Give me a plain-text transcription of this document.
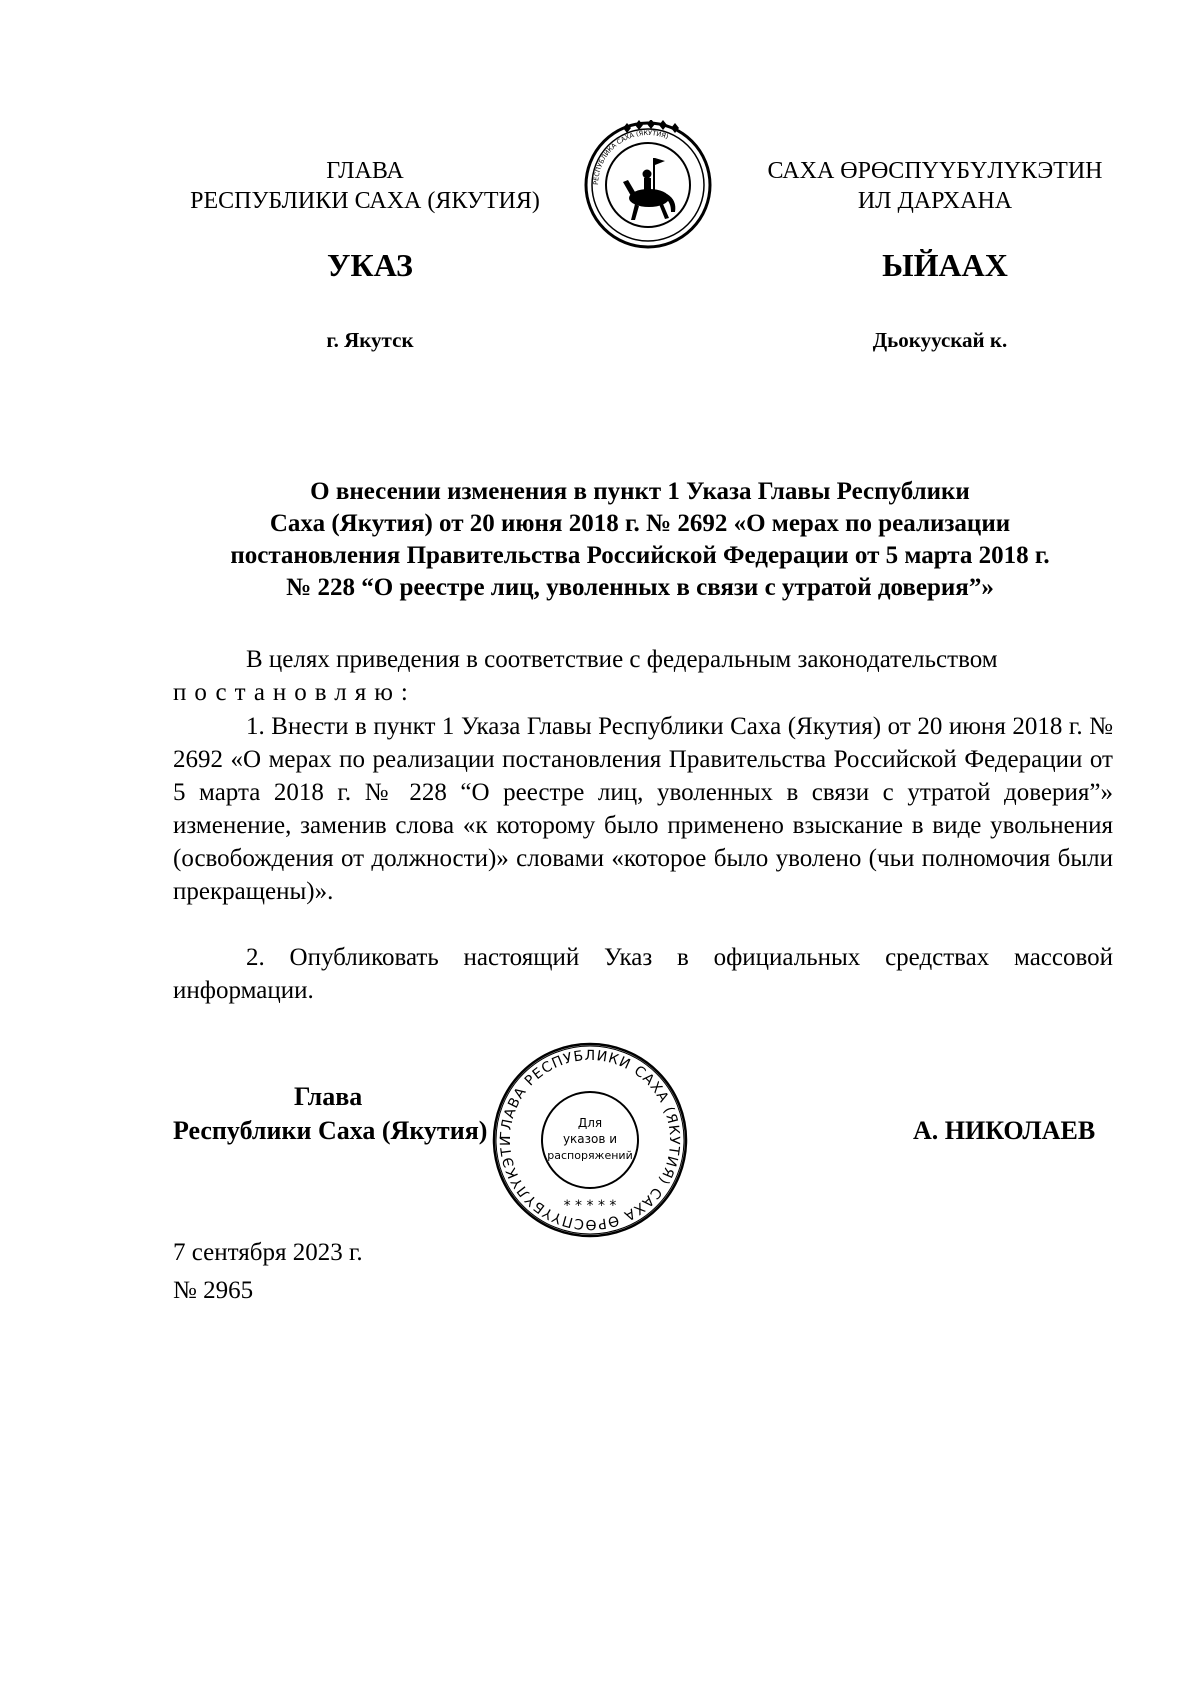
ГЛАВА
РЕСПУБЛИКИ САХА (ЯКУТИЯ)
РЕСПУБЛИКА САХА (ЯКУТИЯ)
САХА ӨРӨСПҮҮБҮЛҮКЭТИН
ИЛ ДАРХАНА
УКАЗ	ЫЙААХ
г. Якутск	Дьокуускай к.
О внесении изменения в пункт 1 Указа Главы Республики
Саха (Якутия) от 20 июня 2018 г. № 2692 «О мерах по реализации
постановления Правительства Российской Федерации от 5 марта 2018 г.
№ 228 “О реестре лиц, уволенных в связи с утратой доверия”»
В целях приведения в соответствие с федеральным законодательством
постановляю:
1. Внести в пункт 1 Указа Главы Республики Саха (Якутия) от 20 июня 2018 г. № 2692 «О мерах по реализации постановления Правительства Российской Федерации от 5 марта 2018 г. № 228 “О реестре лиц, уволенных в связи с утратой доверия”» изменение, заменив слова «к которому было применено взыскание в виде увольнения (освобождения от должности)» словами «которое было уволено (чьи полномочия были прекращены)».
2. Опубликовать настоящий Указ в официальных средствах массовой информации.
ГЛАВА РЕСПУБЛИКИ САХА (ЯКУТИЯ) САХА ӨРӨСПҮҮБҮЛҮКЭТИ
Для
указов и
распоряжений
* * * * *
Глава
Республики Саха (Якутия)	А. НИКОЛАЕВ
7 сентября 2023 г.
№ 2965
